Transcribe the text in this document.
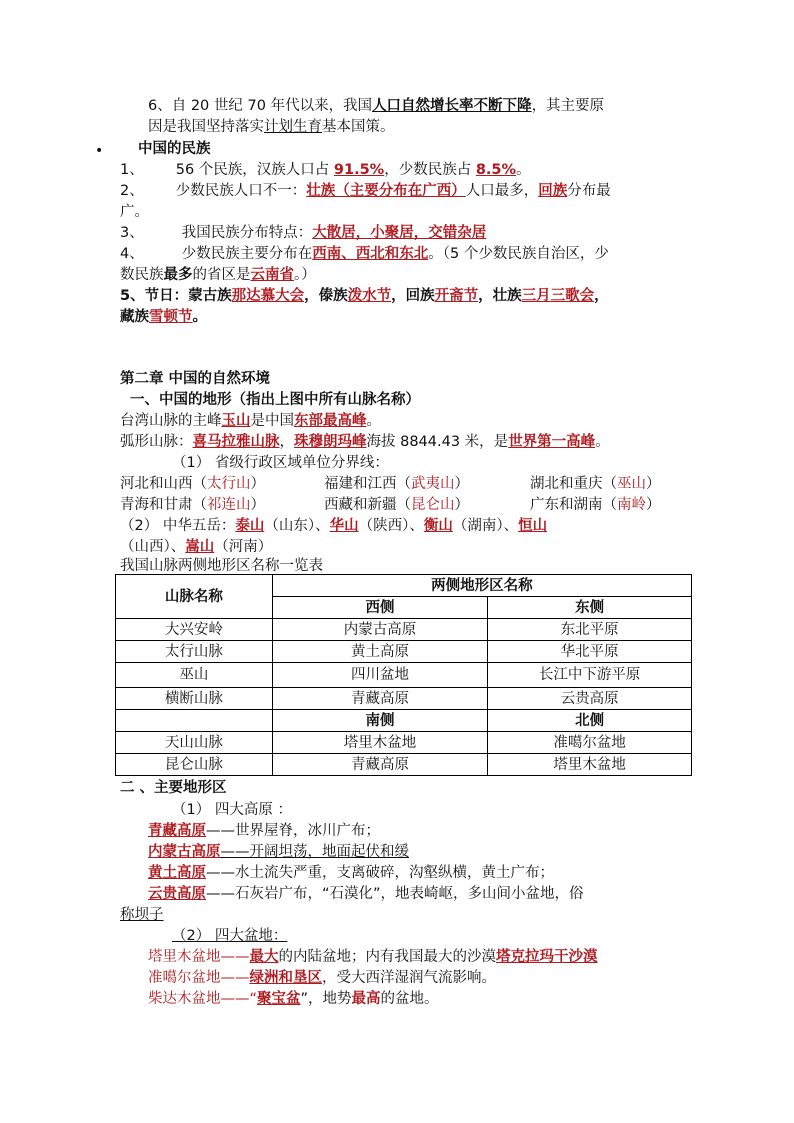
6、自 20 世纪 70 年代以来，我国人口自然增长率不断下降，其主要原
因是我国坚持落实计划生育基本国策。
• 中国的民族
1、 56 个民族，汉族人口占 91.5%，少数民族占 8.5%。
2、 少数民族人口不一：壮族（主要分布在广西）人口最多，回族分布最
广。
3、	我国民族分布特点：大散居，小聚居，交错杂居
4、	少数民族主要分布在西南、西北和东北。（5 个少数民族自治区，少
数民族最多的省区是云南省。）
5、节日：蒙古族那达慕大会，傣族泼水节，回族开斋节，壮族三月三歌会，
藏族雪顿节。
第二章 中国的自然环境
一、中国的地形（指出上图中所有山脉名称）
台湾山脉的主峰玉山是中国东部最高峰。
弧形山脉：喜马拉雅山脉，珠穆朗玛峰海拔 8844.43 米，是世界第一高峰。
（1） 省级行政区域单位分界线：
河北和山西（太行山）	福建和江西（武夷山）	湖北和重庆（巫山）
青海和甘肃（祁连山）	西藏和新疆（昆仑山）	广东和湖南（南岭）
（2） 中华五岳：泰山（山东）、华山（陕西）、衡山（湖南）、恒山
（山西）、嵩山（河南）
我国山脉两侧地形区名称一览表
山脉名称	两侧地形区名称	
	西侧	东侧
大兴安岭	内蒙古高原	东北平原
太行山脉	黄土高原	华北平原
巫山	四川盆地	长江中下游平原
横断山脉	青藏高原	云贵高原
	南侧	北侧
天山山脉	塔里木盆地	准噶尔盆地
昆仑山脉	青藏高原	塔里木盆地
二 、主要地形区
（1） 四大高原 ：
青藏高原——世界屋脊，冰川广布；
内蒙古高原——开阔坦荡，地面起伏和缓
黄土高原——水土流失严重，支离破碎，沟壑纵横，黄土广布；
云贵高原——石灰岩广布，“石漠化”，地表崎岖，多山间小盆地，俗
称坝子
（2） 四大盆地：
塔里木盆地——最大的内陆盆地；内有我国最大的沙漠塔克拉玛干沙漠
准噶尔盆地——绿洲和垦区，受大西洋湿润气流影响。
柴达木盆地——“聚宝盆”，地势最高的盆地。
